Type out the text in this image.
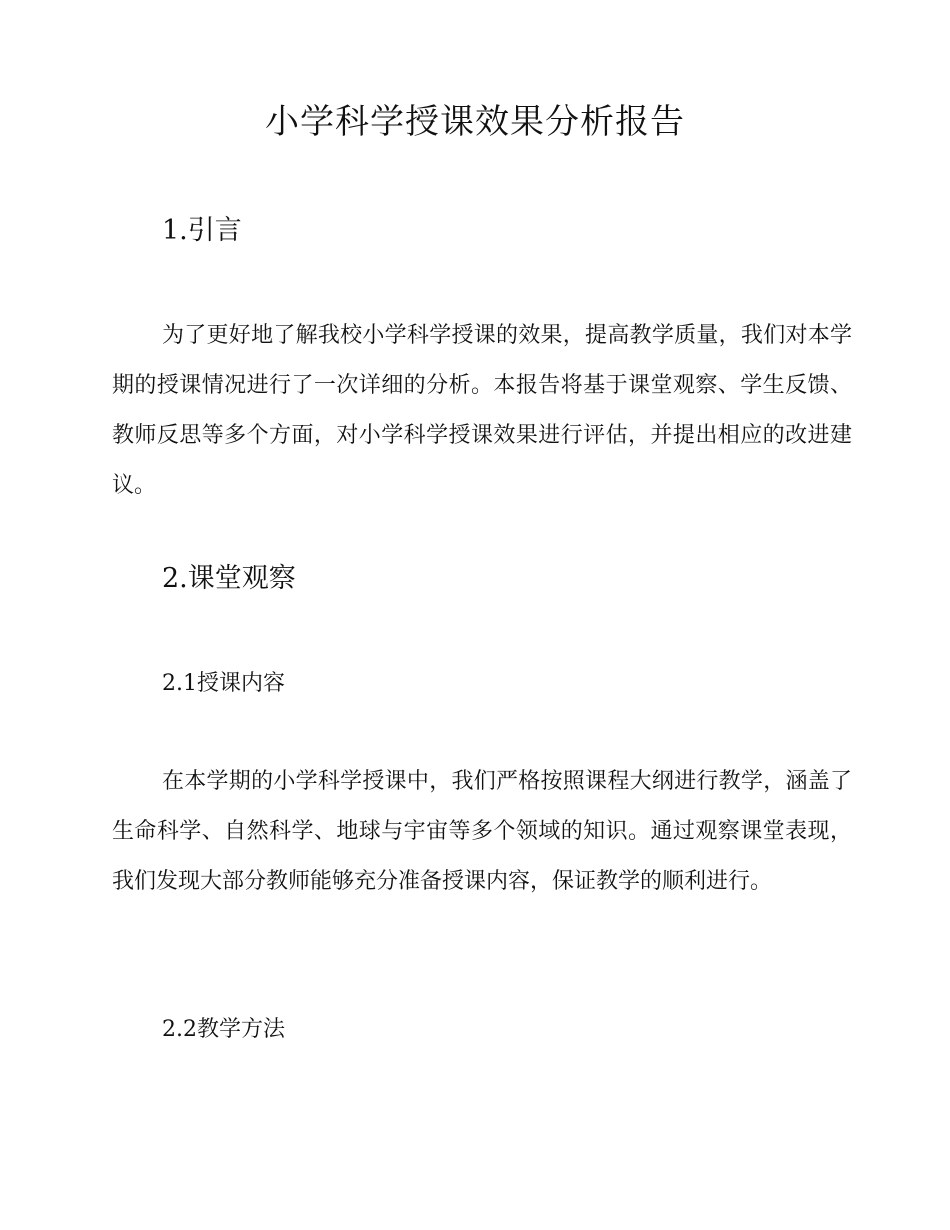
小学科学授课效果分析报告
1.引言

为了更好地了解我校小学科学授课的效果，提高教学质量，我们对本学期的授课情况进行了一次详细的分析。本报告将基于课堂观察、学生反馈、教师反思等多个方面，对小学科学授课效果进行评估，并提出相应的改进建议。

2.课堂观察
2.1授课内容

在本学期的小学科学授课中，我们严格按照课程大纲进行教学，涵盖了生命科学、自然科学、地球与宇宙等多个领域的知识。通过观察课堂表现，我们发现大部分教师能够充分准备授课内容，保证教学的顺利进行。

2.2教学方法
